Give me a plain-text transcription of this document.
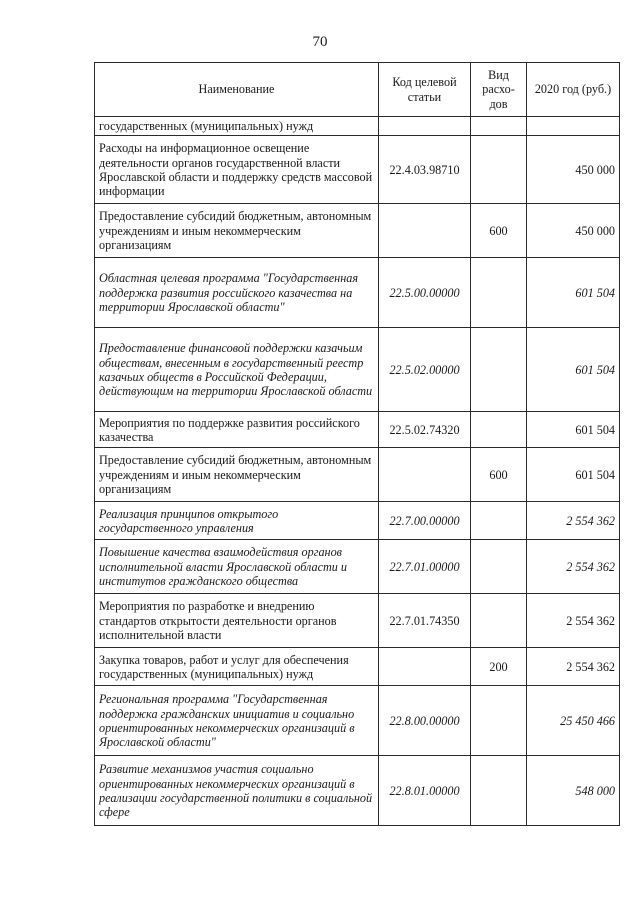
70
Наименование	Код целевой статьи	Вид расхо-дов	2020 год (руб.)
государственных (муниципальных) нужд			
Расходы на информационное освещение деятельности органов государственной власти Ярославской области и поддержку средств массовой информации	22.4.03.98710		450 000
Предоставление субсидий бюджетным, автономным учреждениям и иным некоммерческим организациям		600	450 000
Областная целевая программа "Государственная поддержка развития российского казачества на территории Ярославской области"	22.5.00.00000		601 504
Предоставление финансовой поддержки казачьим обществам, внесенным в государственный реестр казачьих обществ в Российской Федерации, действующим на территории Ярославской области	22.5.02.00000		601 504
Мероприятия по поддержке развития российского казачества	22.5.02.74320		601 504
Предоставление субсидий бюджетным, автономным учреждениям и иным некоммерческим организациям		600	601 504
Реализация принципов открытого государственного управления	22.7.00.00000		2 554 362
Повышение качества взаимодействия органов исполнительной власти Ярославской области и институтов гражданского общества	22.7.01.00000		2 554 362
Мероприятия по разработке и внедрению стандартов открытости деятельности органов исполнительной власти	22.7.01.74350		2 554 362
Закупка товаров, работ и услуг для обеспечения государственных (муниципальных) нужд		200	2 554 362
Региональная программа "Государственная поддержка гражданских инициатив и социально ориентированных некоммерческих организаций в Ярославской области"	22.8.00.00000		25 450 466
Развитие механизмов участия социально ориентированных некоммерческих организаций в реализации государственной политики в социальной сфере	22.8.01.00000		548 000
